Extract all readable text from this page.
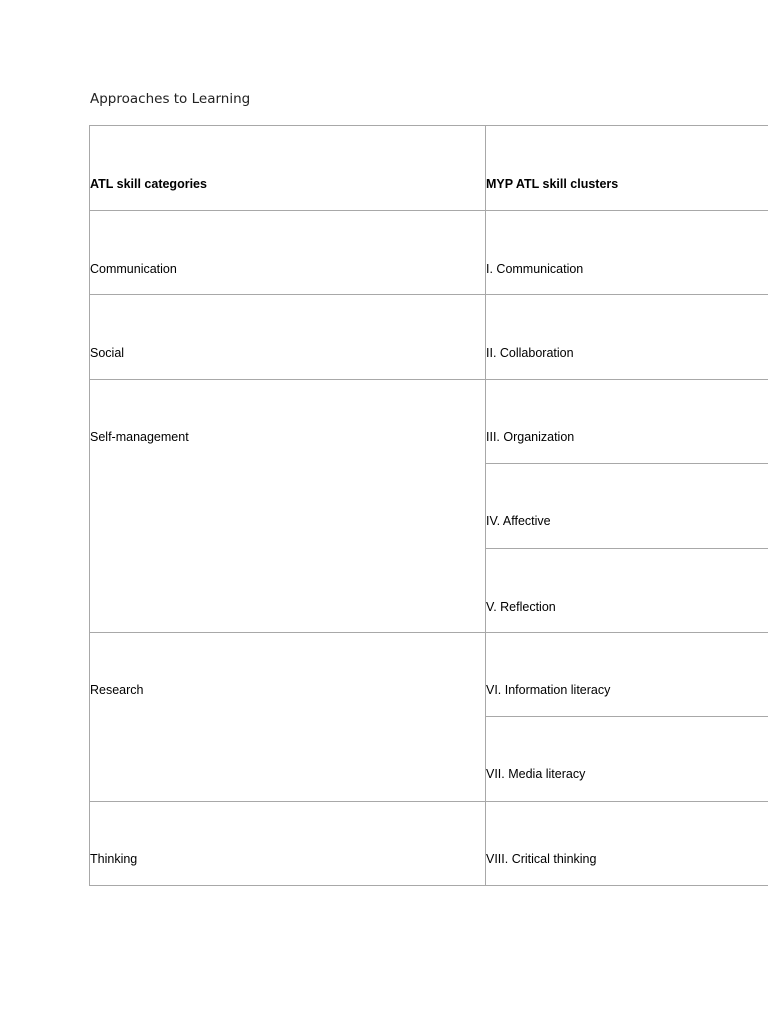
Approaches to Learning
ATL skill categories
Communication
Social
Self-management
Research
Thinking
MYP ATL skill clusters
I. Communication
II. Collaboration
III. Organization
IV. Affective
V. Reflection
VI. Information literacy
VII. Media literacy
VIII. Critical thinking
